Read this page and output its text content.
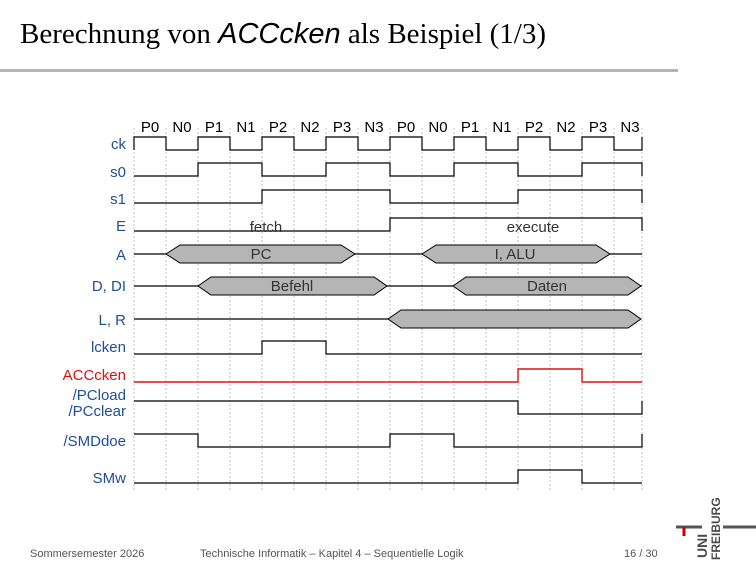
Berechnung von ACCcken als Beispiel (1/3)
P0 N0 P1 N1 P2 N2 P3 N3 P0 N0 P1 N1 P2 N2 P3 N3
ck
s0
s1
E
A
D, DI
L, R
lcken
ACCcken
/PCload
/PCclear
/SMDdoe
SMw
fetch	execute
PC	I, ALU
Befehl	Daten
Sommersemester 2026	Technische Informatik – Kapitel 4 – Sequentielle Logik	16 / 30	UNI FREIBURG
